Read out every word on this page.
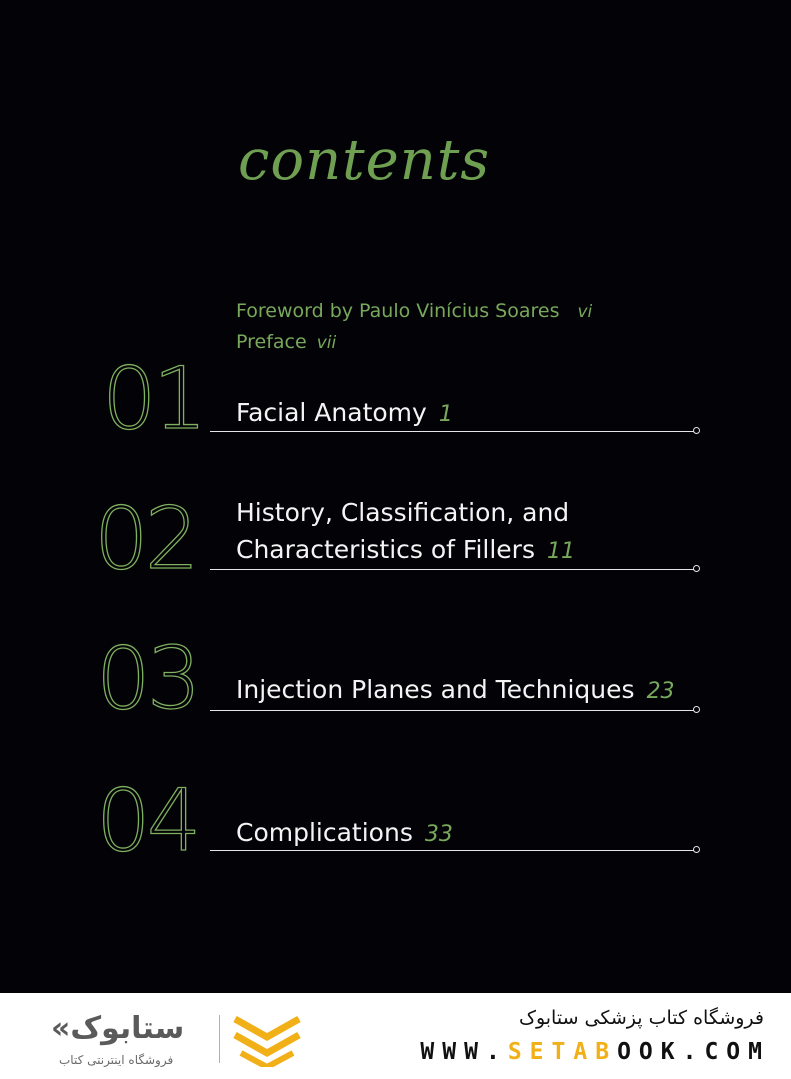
contents
Foreword by Paulo Vinícius Soares vi
Preface vii
01 Facial Anatomy 1
02 History, Classification, and
Characteristics of Fillers 11
03 Injection Planes and Techniques 23
04 Complications 33
«ستابوک
فروشگاه اینترنتی کتاب
فروشگاه کتاب پزشکی ستابوک
WWW.SETABOOK.COM
